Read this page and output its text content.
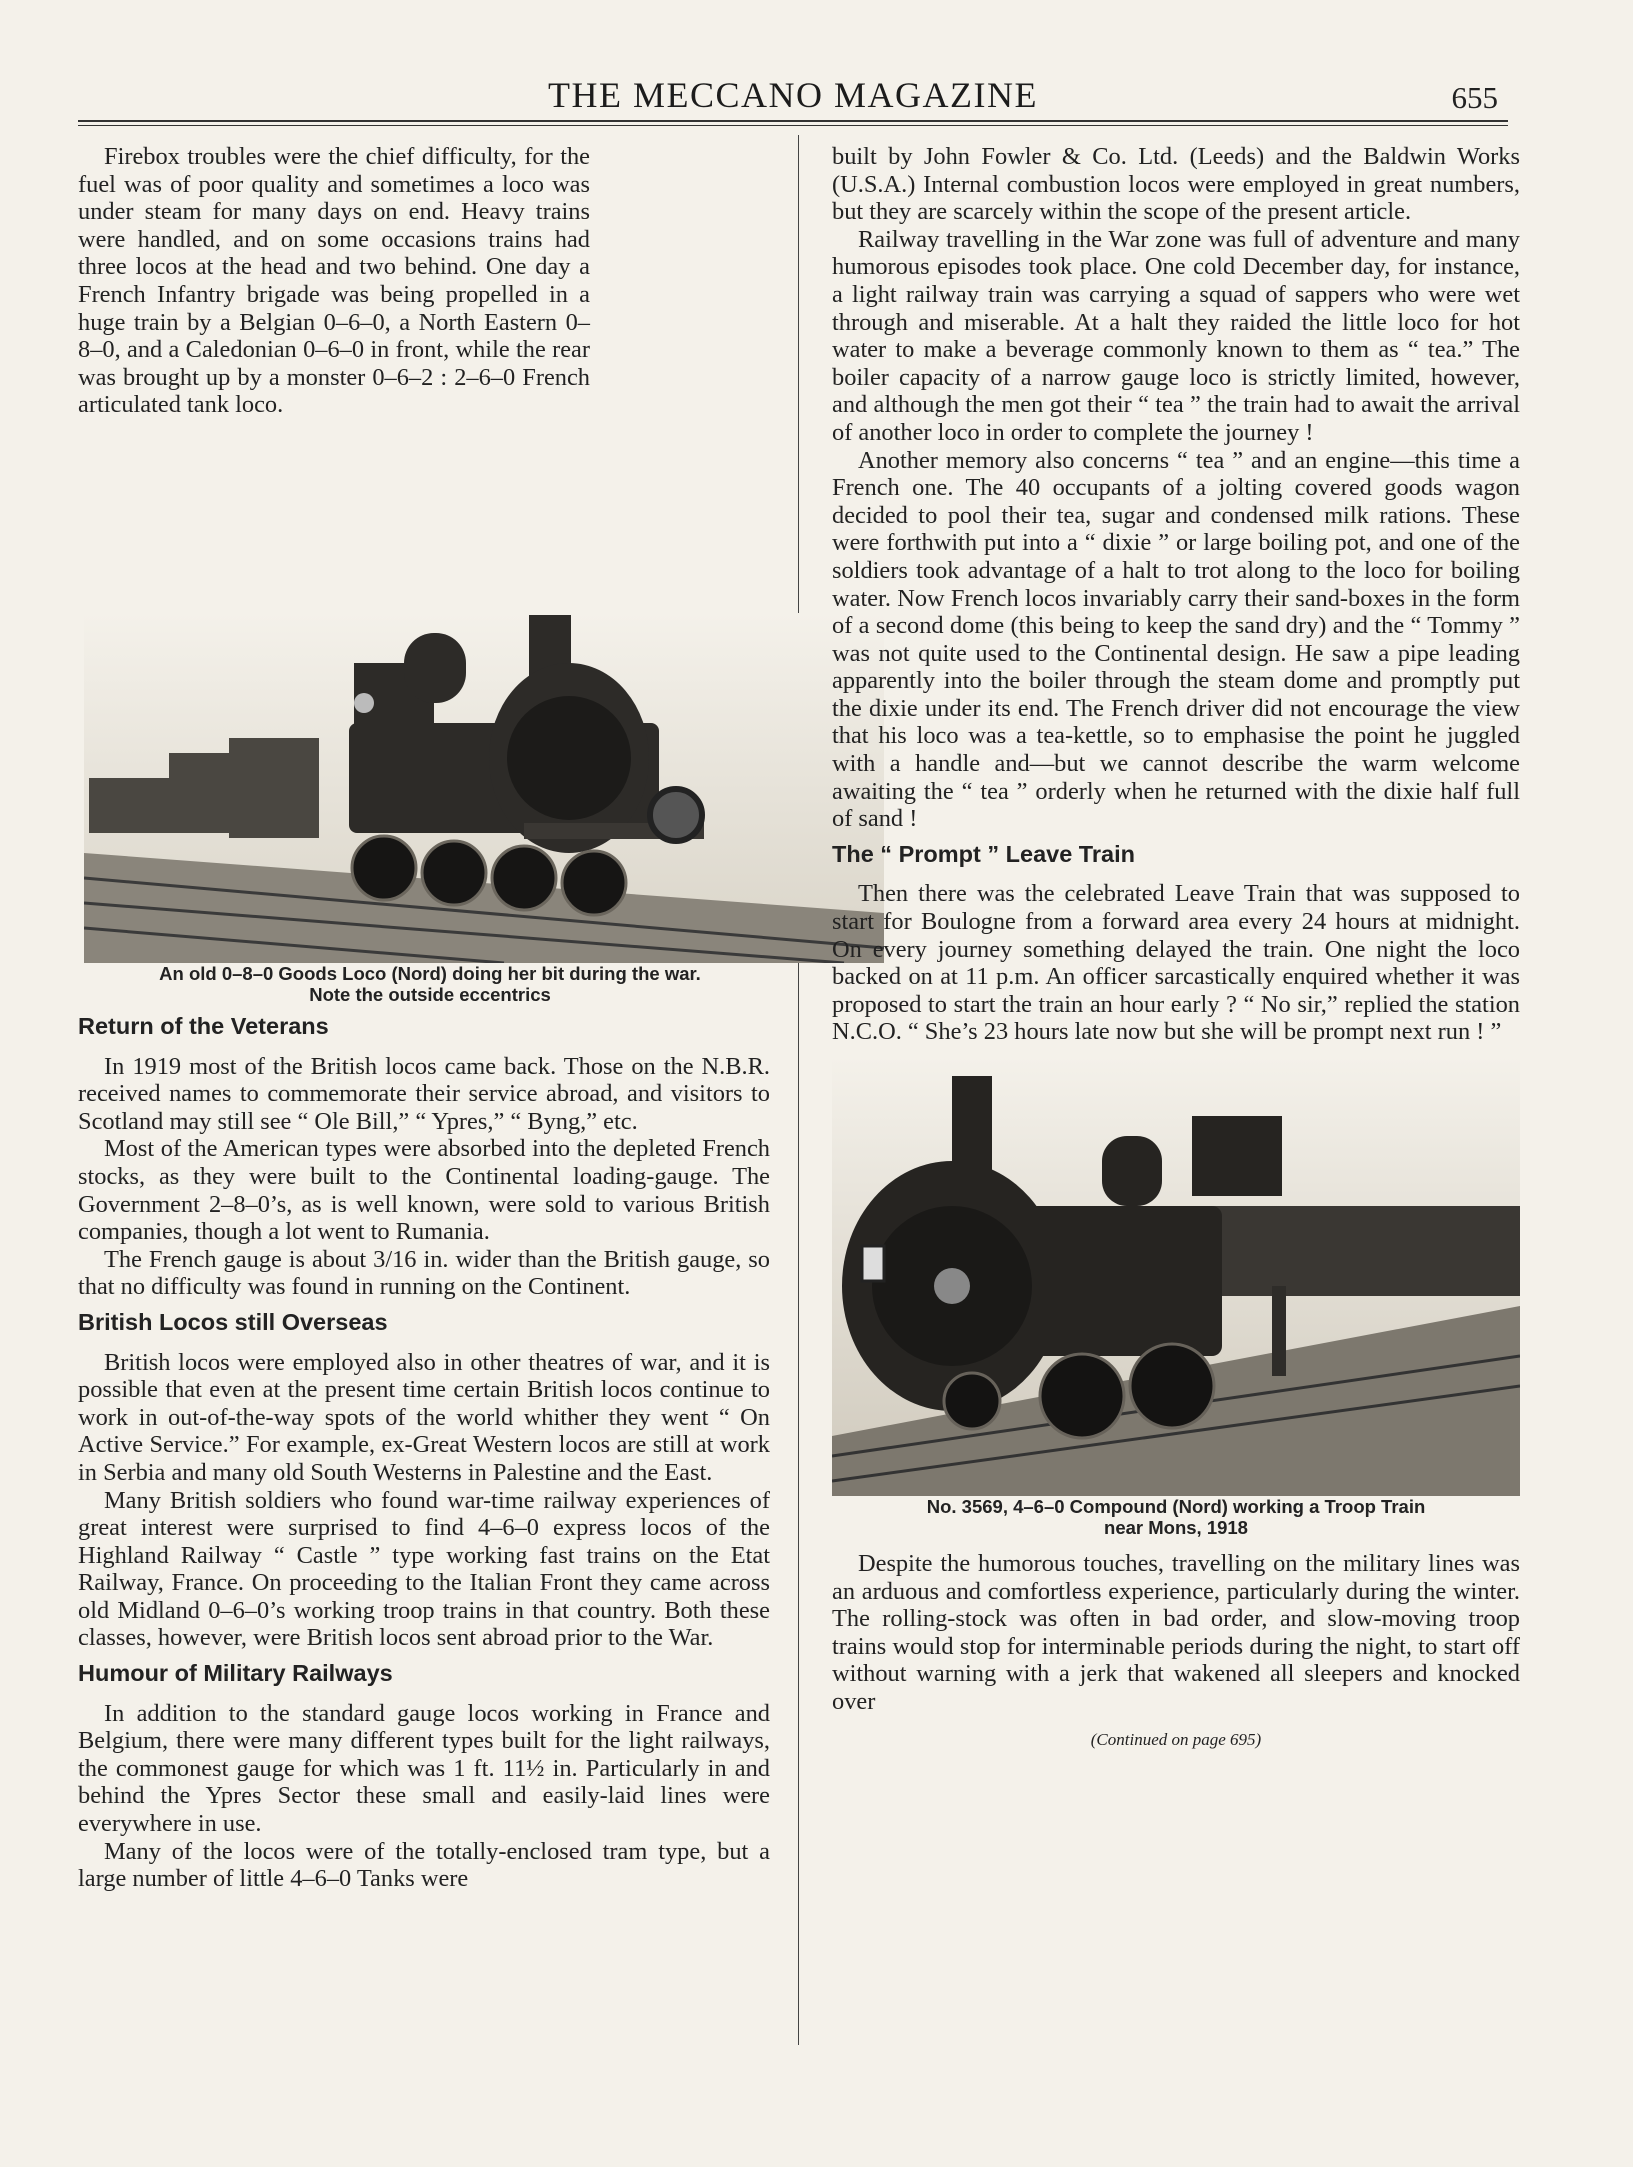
THE MECCANO MAGAZINE	655

Firebox troubles were the chief difficulty, for the fuel was of poor quality and sometimes a loco was under steam for many days on end. Heavy trains were handled, and on some occasions trains had three locos at the head and two behind. One day a French Infantry brigade was being propelled in a huge train by a Belgian 0–6–0, a North Eastern 0–8–0, and a Caledonian 0–6–0 in front, while the rear was brought up by a monster 0–6–2 : 2–6–0 French articulated tank loco.

An old 0–8–0 Goods Loco (Nord) doing her bit during the war.
Note the outside eccentrics
Return of the Veterans

In 1919 most of the British locos came back. Those on the N.B.R. received names to commemorate their service abroad, and visitors to Scotland may still see “ Ole Bill,” “ Ypres,” “ Byng,” etc.

Most of the American types were absorbed into the depleted French stocks, as they were built to the Continental loading-gauge. The Government 2–8–0’s, as is well known, were sold to various British companies, though a lot went to Rumania.

The French gauge is about 3/16 in. wider than the British gauge, so that no difficulty was found in running on the Continent.

British Locos still Overseas

British locos were employed also in other theatres of war, and it is possible that even at the present time certain British locos continue to work in out-of-the-way spots of the world whither they went “ On Active Service.” For example, ex-Great Western locos are still at work in Serbia and many old South Westerns in Palestine and the East.

Many British soldiers who found war-time railway experiences of great interest were surprised to find 4–6–0 express locos of the Highland Railway “ Castle ” type working fast trains on the Etat Railway, France. On proceeding to the Italian Front they came across old Midland 0–6–0’s working troop trains in that country. Both these classes, however, were British locos sent abroad prior to the War.

Humour of Military Railways

In addition to the standard gauge locos working in France and Belgium, there were many different types built for the light railways, the commonest gauge for which was 1 ft. 11½ in. Particularly in and behind the Ypres Sector these small and easily-laid lines were everywhere in use.

Many of the locos were of the totally-enclosed tram type, but a large number of little 4–6–0 Tanks were

built by John Fowler & Co. Ltd. (Leeds) and the Baldwin Works (U.S.A.) Internal combustion locos were employed in great numbers, but they are scarcely within the scope of the present article.

Railway travelling in the War zone was full of adventure and many humorous episodes took place. One cold December day, for instance, a light railway train was carrying a squad of sappers who were wet through and miserable. At a halt they raided the little loco for hot water to make a beverage commonly known to them as “ tea.” The boiler capacity of a narrow gauge loco is strictly limited, however, and although the men got their “ tea ” the train had to await the arrival of another loco in order to complete the journey !

Another memory also concerns “ tea ” and an engine—this time a French one. The 40 occupants of a jolting covered goods wagon decided to pool their tea, sugar and condensed milk rations. These were forthwith put into a “ dixie ” or large boiling pot, and one of the soldiers took advantage of a halt to trot along to the loco for boiling water. Now French locos invariably carry their sand-boxes in the form of a second dome (this being to keep the sand dry) and the “ Tommy ” was not quite used to the Continental design. He saw a pipe leading apparently into the boiler through the steam dome and promptly put the dixie under its end. The French driver did not encourage the view that his loco was a tea-kettle, so to emphasise the point he juggled with a handle and—but we cannot describe the warm welcome awaiting the “ tea ” orderly when he returned with the dixie half full of sand !

The “ Prompt ” Leave Train

Then there was the celebrated Leave Train that was supposed to start for Boulogne from a forward area every 24 hours at midnight. On every journey something delayed the train. One night the loco backed on at 11 p.m. An officer sarcastically enquired whether it was proposed to start the train an hour early ? “ No sir,” replied the station N.C.O. “ She’s 23 hours late now but she will be prompt next run ! ”

No. 3569, 4–6–0 Compound (Nord) working a Troop Train
near Mons, 1918

Despite the humorous touches, travelling on the military lines was an arduous and comfortless experience, particularly during the winter. The rolling-stock was often in bad order, and slow-moving troop trains would stop for interminable periods during the night, to start off without warning with a jerk that wakened all sleepers and knocked over

(Continued on page 695)
